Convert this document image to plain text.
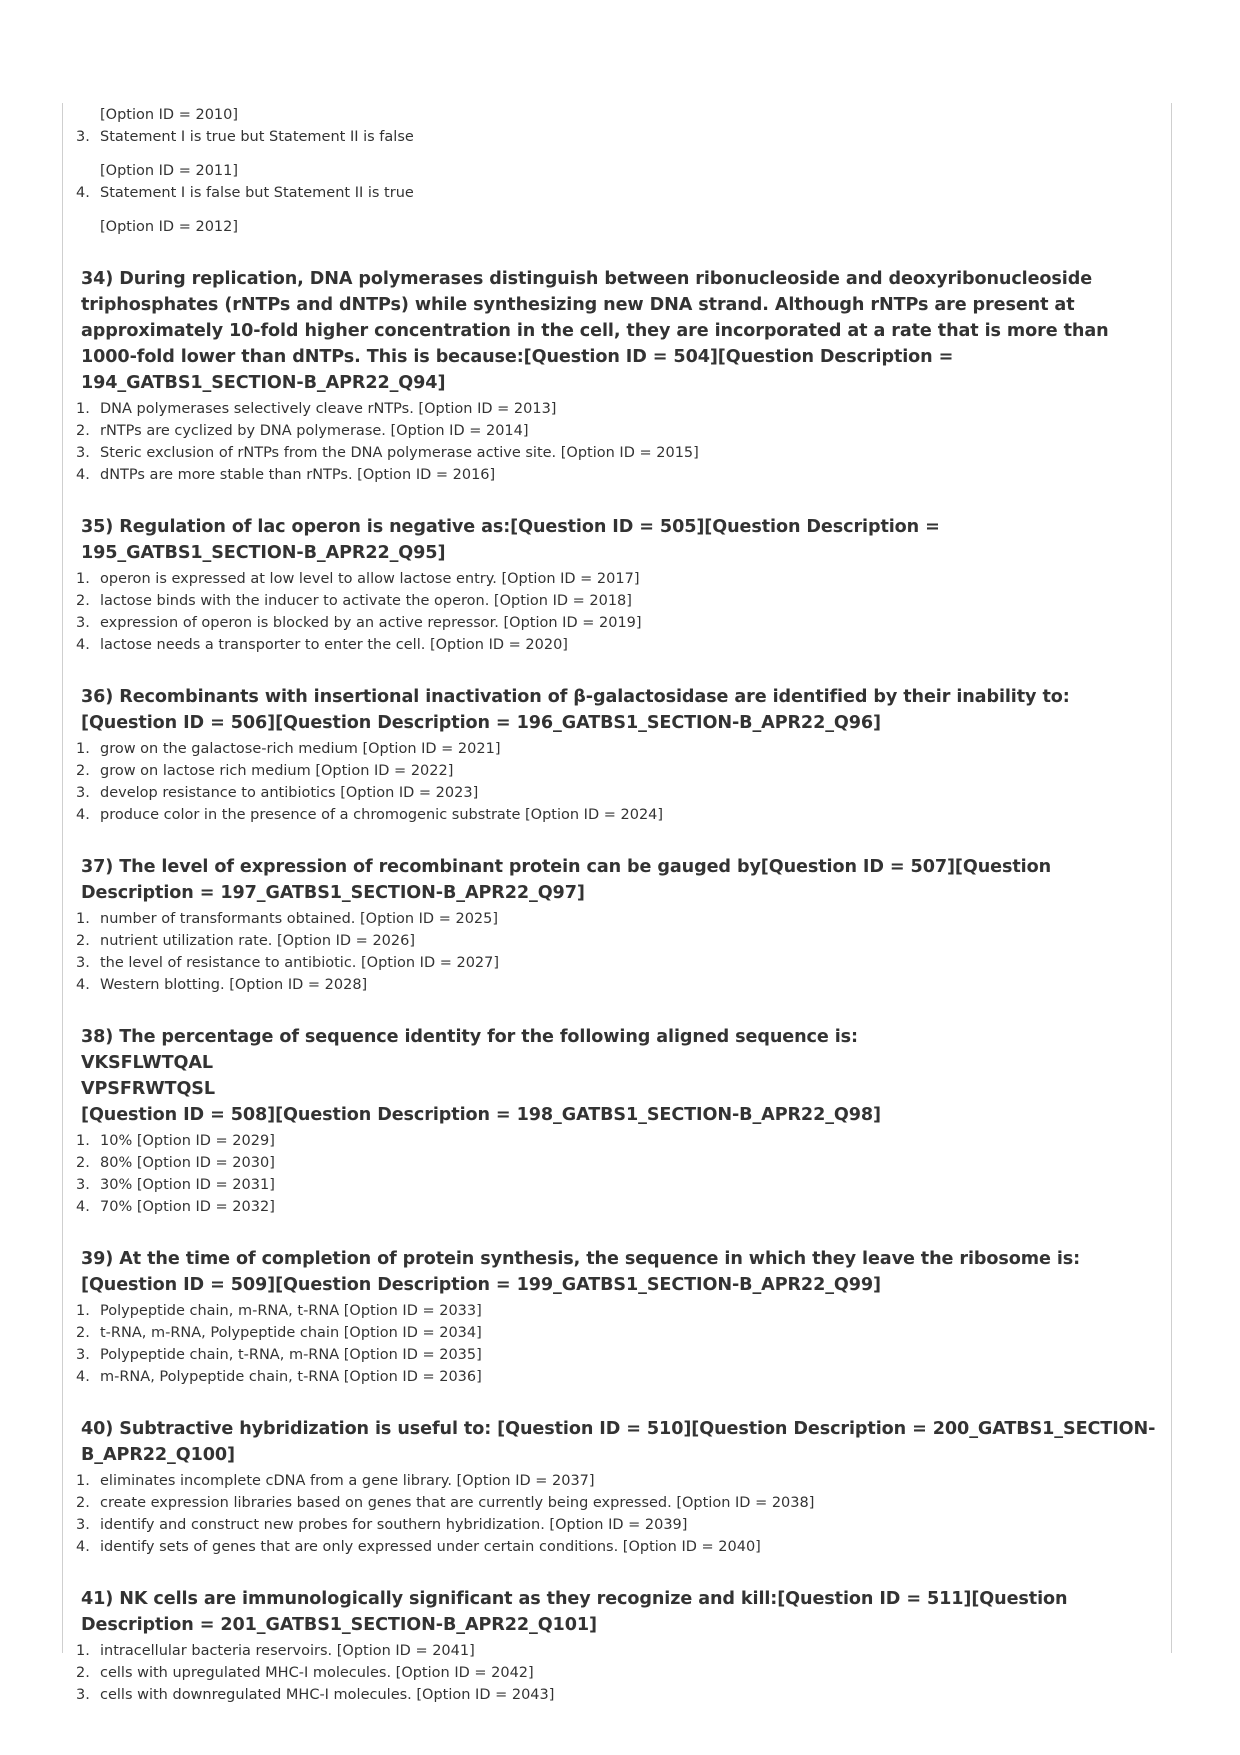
[Option ID = 2010]
3. Statement I is true but Statement II is false
[Option ID = 2011]
4. Statement I is false but Statement II is true
[Option ID = 2012]
34) During replication, DNA polymerases distinguish between ribonucleoside and deoxyribonucleoside triphosphates (rNTPs and dNTPs) while synthesizing new DNA strand. Although rNTPs are present at approximately 10-fold higher concentration in the cell, they are incorporated at a rate that is more than 1000-fold lower than dNTPs. This is because:[Question ID = 504][Question Description = 194_GATBS1_SECTION-B_APR22_Q94]
1. DNA polymerases selectively cleave rNTPs. [Option ID = 2013]
2. rNTPs are cyclized by DNA polymerase. [Option ID = 2014]
3. Steric exclusion of rNTPs from the DNA polymerase active site. [Option ID = 2015]
4. dNTPs are more stable than rNTPs. [Option ID = 2016]
35) Regulation of lac operon is negative as:[Question ID = 505][Question Description = 195_GATBS1_SECTION-B_APR22_Q95]
1. operon is expressed at low level to allow lactose entry. [Option ID = 2017]
2. lactose binds with the inducer to activate the operon. [Option ID = 2018]
3. expression of operon is blocked by an active repressor. [Option ID = 2019]
4. lactose needs a transporter to enter the cell. [Option ID = 2020]
36) Recombinants with insertional inactivation of β-galactosidase are identified by their inability to:[Question ID = 506][Question Description = 196_GATBS1_SECTION-B_APR22_Q96]
1. grow on the galactose-rich medium [Option ID = 2021]
2. grow on lactose rich medium [Option ID = 2022]
3. develop resistance to antibiotics [Option ID = 2023]
4. produce color in the presence of a chromogenic substrate [Option ID = 2024]
37) The level of expression of recombinant protein can be gauged by[Question ID = 507][Question Description = 197_GATBS1_SECTION-B_APR22_Q97]
1. number of transformants obtained. [Option ID = 2025]
2. nutrient utilization rate. [Option ID = 2026]
3. the level of resistance to antibiotic. [Option ID = 2027]
4. Western blotting. [Option ID = 2028]
38) The percentage of sequence identity for the following aligned sequence is:
VKSFLWTQAL
VPSFRWTQSL
[Question ID = 508][Question Description = 198_GATBS1_SECTION-B_APR22_Q98]
1. 10% [Option ID = 2029]
2. 80% [Option ID = 2030]
3. 30% [Option ID = 2031]
4. 70% [Option ID = 2032]
39) At the time of completion of protein synthesis, the sequence in which they leave the ribosome is:[Question ID = 509][Question Description = 199_GATBS1_SECTION-B_APR22_Q99]
1. Polypeptide chain, m-RNA, t-RNA [Option ID = 2033]
2. t-RNA, m-RNA, Polypeptide chain [Option ID = 2034]
3. Polypeptide chain, t-RNA, m-RNA [Option ID = 2035]
4. m-RNA, Polypeptide chain, t-RNA [Option ID = 2036]
40) Subtractive hybridization is useful to: [Question ID = 510][Question Description = 200_GATBS1_SECTION-B_APR22_Q100]
1. eliminates incomplete cDNA from a gene library. [Option ID = 2037]
2. create expression libraries based on genes that are currently being expressed. [Option ID = 2038]
3. identify and construct new probes for southern hybridization. [Option ID = 2039]
4. identify sets of genes that are only expressed under certain conditions. [Option ID = 2040]
41) NK cells are immunologically significant as they recognize and kill:[Question ID = 511][Question Description = 201_GATBS1_SECTION-B_APR22_Q101]
1. intracellular bacteria reservoirs. [Option ID = 2041]
2. cells with upregulated MHC-I molecules. [Option ID = 2042]
3. cells with downregulated MHC-I molecules. [Option ID = 2043]
